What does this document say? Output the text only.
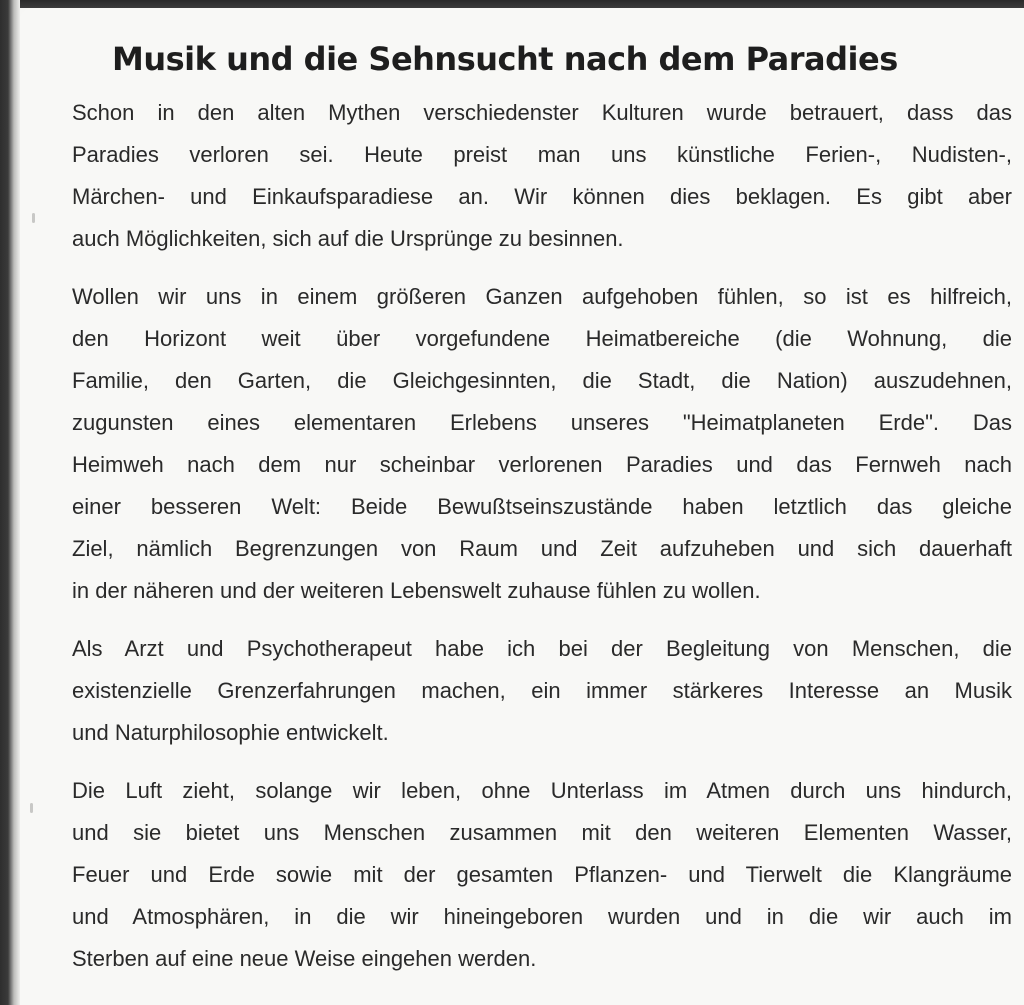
Musik und die Sehnsucht nach dem Paradies

Schon in den alten Mythen verschiedenster Kulturen wurde betrauert, dass das
Paradies verloren sei. Heute preist man uns künstliche Ferien-, Nudisten-,
Märchen- und Einkaufsparadiese an. Wir können dies beklagen. Es gibt aber
auch Möglichkeiten, sich auf die Ursprünge zu besinnen.

Wollen wir uns in einem größeren Ganzen aufgehoben fühlen, so ist es hilfreich,
den Horizont weit über vorgefundene Heimatbereiche (die Wohnung, die
Familie, den Garten, die Gleichgesinnten, die Stadt, die Nation) auszudehnen,
zugunsten eines elementaren Erlebens unseres "Heimatplaneten Erde". Das
Heimweh nach dem nur scheinbar verlorenen Paradies und das Fernweh nach
einer besseren Welt: Beide Bewußtseinszustände haben letztlich das gleiche
Ziel, nämlich Begrenzungen von Raum und Zeit aufzuheben und sich dauerhaft
in der näheren und der weiteren Lebenswelt zuhause fühlen zu wollen.

Als Arzt und Psychotherapeut habe ich bei der Begleitung von Menschen, die
existenzielle Grenzerfahrungen machen, ein immer stärkeres Interesse an Musik
und Naturphilosophie entwickelt.

Die Luft zieht, solange wir leben, ohne Unterlass im Atmen durch uns hindurch,
und sie bietet uns Menschen zusammen mit den weiteren Elementen Wasser,
Feuer und Erde sowie mit der gesamten Pflanzen- und Tierwelt die Klangräume
und Atmosphären, in die wir hineingeboren wurden und in die wir auch im
Sterben auf eine neue Weise eingehen werden.
